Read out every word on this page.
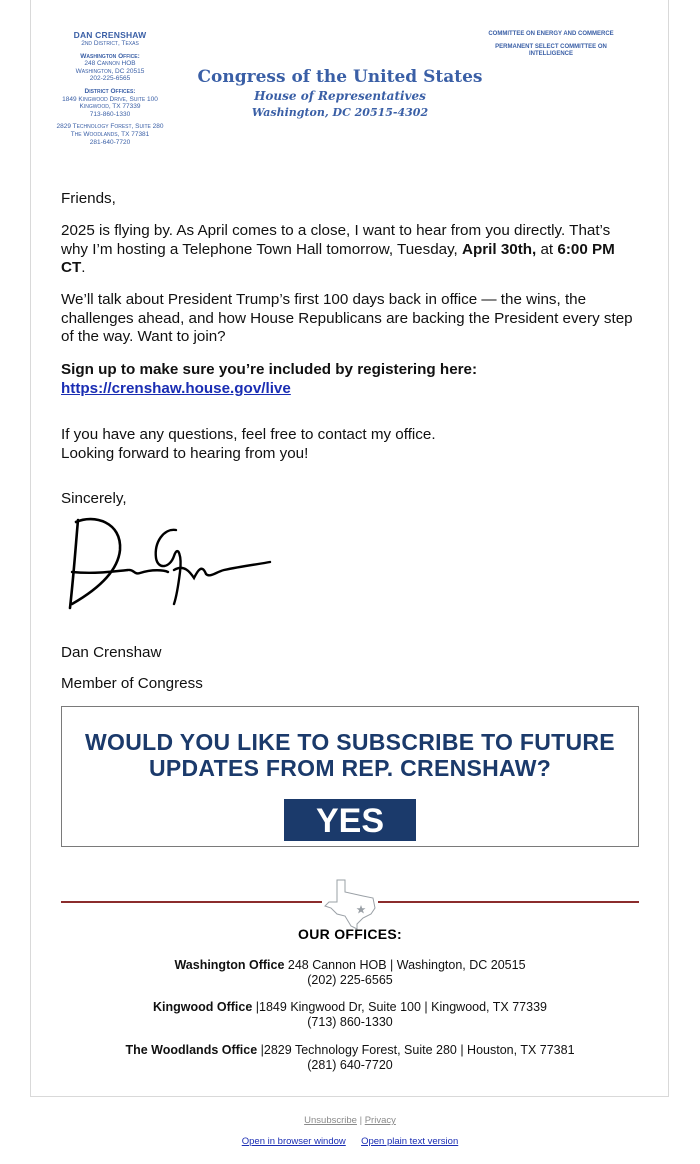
DAN CRENSHAW
2nd District, Texas
Washington Office:
248 Cannon HOB
Washington, DC 20515
202-225-6565
District Offices:
1849 Kingwood Drive, Suite 100
Kingwood, TX 77339
713-860-1330
2829 Technology Forest, Suite 280
The Woodlands, TX 77381
281-640-7720
COMMITTEE ON ENERGY AND COMMERCE
PERMANENT SELECT COMMITTEE ON
INTELLIGENCE
Congress of the United States
House of Representatives
Washington, DC 20515-4302
Friends,
2025 is flying by. As April comes to a close, I want to hear from you directly. That’s why I’m hosting a Telephone Town Hall tomorrow, Tuesday, April 30th, at 6:00 PM CT.
We’ll talk about President Trump’s first 100 days back in office — the wins, the challenges ahead, and how House Republicans are backing the President every step of the way. Want to join?
Sign up to make sure you’re included by registering here:
https://crenshaw.house.gov/live
If you have any questions, feel free to contact my office.
Looking forward to hearing from you!
Sincerely,
Dan Crenshaw
Member of Congress
WOULD YOU LIKE TO SUBSCRIBE TO FUTURE UPDATES FROM REP. CRENSHAW?
YES
OUR OFFICES:
Washington Office 248 Cannon HOB | Washington, DC 20515
(202) 225-6565
Kingwood Office |1849 Kingwood Dr, Suite 100 | Kingwood, TX 77339
(713) 860-1330
The Woodlands Office |2829 Technology Forest, Suite 280 | Houston, TX 77381
(281) 640-7720
Unsubscribe | Privacy
Open in browser window Open plain text version
